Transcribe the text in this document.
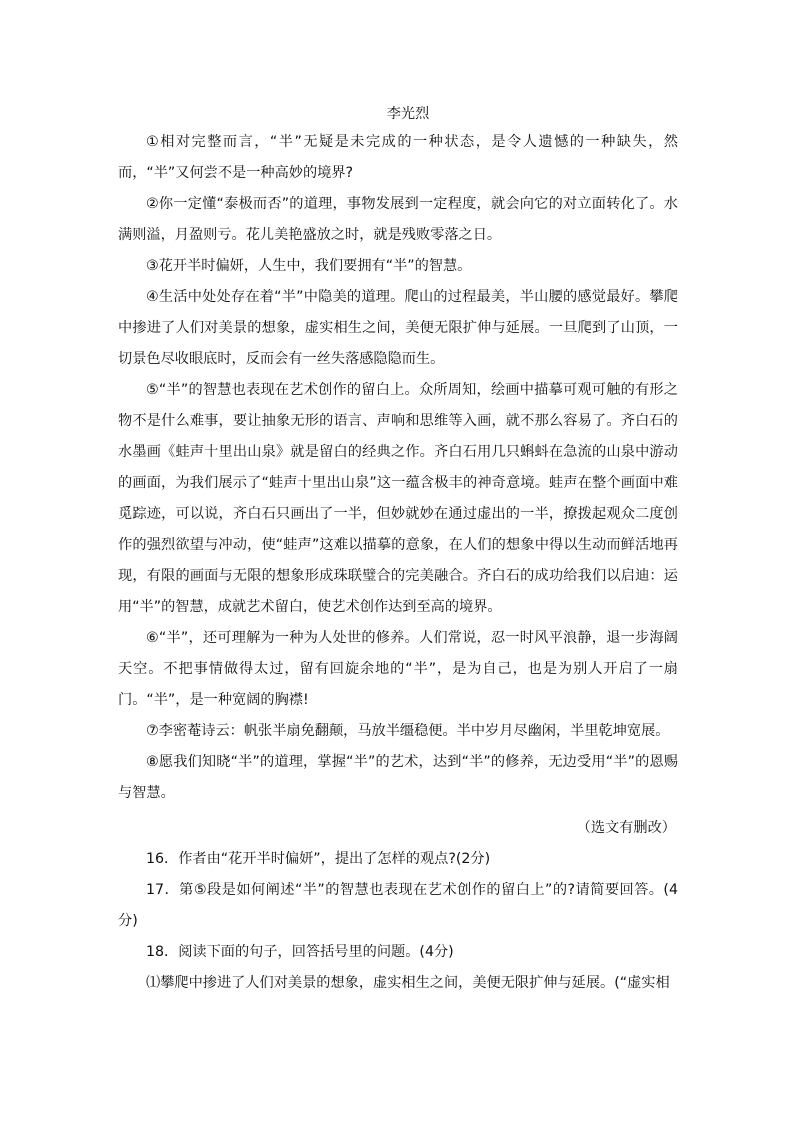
李光烈

①相对完整而言，“半”无疑是未完成的一种状态，是令人遗憾的一种缺失，然而，“半”又何尝不是一种高妙的境界?

②你一定懂“泰极而否”的道理，事物发展到一定程度，就会向它的对立面转化了。水满则溢，月盈则亏。花儿美艳盛放之时，就是残败零落之日。

③花开半时偏妍，人生中，我们要拥有“半”的智慧。

④生活中处处存在着“半”中隐美的道理。爬山的过程最美，半山腰的感觉最好。攀爬中掺进了人们对美景的想象，虚实相生之间，美便无限扩伸与延展。一旦爬到了山顶，一切景色尽收眼底时，反而会有一丝失落感隐隐而生。

⑤“半”的智慧也表现在艺术创作的留白上。众所周知，绘画中描摹可观可触的有形之物不是什么难事，要让抽象无形的语言、声响和思维等入画，就不那么容易了。齐白石的水墨画《蛙声十里出山泉》就是留白的经典之作。齐白石用几只蝌蚪在急流的山泉中游动的画面，为我们展示了“蛙声十里出山泉”这一蕴含极丰的神奇意境。蛙声在整个画面中难觅踪迹，可以说，齐白石只画出了一半，但妙就妙在通过虚出的一半，撩拨起观众二度创作的强烈欲望与冲动，使“蛙声”这难以描摹的意象，在人们的想象中得以生动而鲜活地再现，有限的画面与无限的想象形成珠联璧合的完美融合。齐白石的成功给我们以启迪：运用“半”的智慧，成就艺术留白，使艺术创作达到至高的境界。

⑥“半”，还可理解为一种为人处世的修养。人们常说，忍一时风平浪静，退一步海阔天空。不把事情做得太过，留有回旋余地的“半”，是为自己，也是为别人开启了一扇门。“半”，是一种宽阔的胸襟!

⑦李密菴诗云：帆张半扇免翻颠，马放半缰稳便。半中岁月尽幽闲，半里乾坤宽展。

⑧愿我们知晓“半”的道理，掌握“半”的艺术，达到“半”的修养，无边受用“半”的恩赐与智慧。

（选文有删改）

16．作者由“花开半时偏妍”，提出了怎样的观点?(2分)

17．第⑤段是如何阐述“半”的智慧也表现在艺术创作的留白上”的?请简要回答。(4分)

18．阅读下面的句子，回答括号里的问题。(4分)

⑴攀爬中掺进了人们对美景的想象，虚实相生之间，美便无限扩伸与延展。(“虚实相
